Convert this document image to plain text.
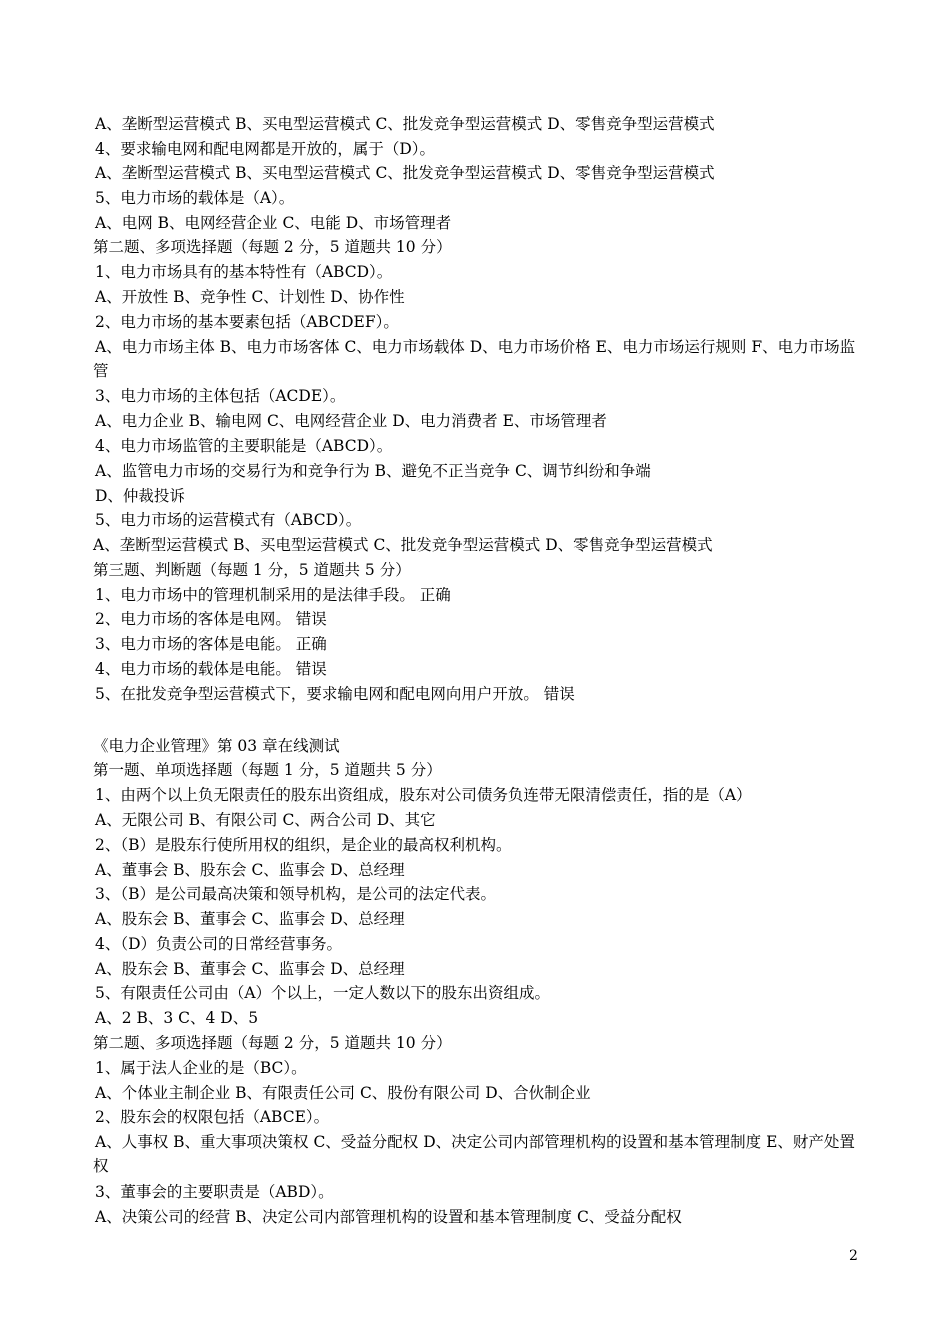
A、垄断型运营模式 B、买电型运营模式 C、批发竞争型运营模式 D、零售竞争型运营模式
4、要求输电网和配电网都是开放的，属于（D）。
A、垄断型运营模式 B、买电型运营模式 C、批发竞争型运营模式 D、零售竞争型运营模式
5、电力市场的载体是（A）。
A、电网 B、电网经营企业 C、电能 D、市场管理者
第二题、多项选择题（每题 2 分，5 道题共 10 分）
1、电力市场具有的基本特性有（ABCD）。
A、开放性 B、竞争性 C、计划性 D、协作性
2、电力市场的基本要素包括（ABCDEF）。
A、电力市场主体 B、电力市场客体 C、电力市场载体 D、电力市场价格 E、电力市场运行规则 F、电力市场监管
3、电力市场的主体包括（ACDE）。
A、电力企业 B、输电网 C、电网经营企业 D、电力消费者 E、市场管理者
4、电力市场监管的主要职能是（ABCD）。
A、监管电力市场的交易行为和竞争行为 B、避免不正当竞争 C、调节纠纷和争端
D、仲裁投诉
5、电力市场的运营模式有（ABCD）。
A、垄断型运营模式 B、买电型运营模式 C、批发竞争型运营模式 D、零售竞争型运营模式
第三题、判断题（每题 1 分，5 道题共 5 分）
1、电力市场中的管理机制采用的是法律手段。 正确
2、电力市场的客体是电网。 错误
3、电力市场的客体是电能。 正确
4、电力市场的载体是电能。 错误
5、在批发竞争型运营模式下，要求输电网和配电网向用户开放。 错误
《电力企业管理》第 03 章在线测试
第一题、单项选择题（每题 1 分，5 道题共 5 分）
1、由两个以上负无限责任的股东出资组成，股东对公司债务负连带无限清偿责任，指的是（A）
A、无限公司 B、有限公司 C、两合公司 D、其它
2、（B）是股东行使所用权的组织，是企业的最高权利机构。
A、董事会 B、股东会 C、监事会 D、总经理
3、（B）是公司最高决策和领导机构，是公司的法定代表。
A、股东会 B、董事会 C、监事会 D、总经理
4、（D）负责公司的日常经营事务。
A、股东会 B、董事会 C、监事会 D、总经理
5、有限责任公司由（A）个以上，一定人数以下的股东出资组成。
A、2 B、3 C、4 D、5
第二题、多项选择题（每题 2 分，5 道题共 10 分）
1、属于法人企业的是（BC）。
A、个体业主制企业 B、有限责任公司 C、股份有限公司 D、合伙制企业
2、股东会的权限包括（ABCE）。
A、人事权 B、重大事项决策权 C、受益分配权 D、决定公司内部管理机构的设置和基本管理制度 E、财产处置权
3、董事会的主要职责是（ABD）。
A、决策公司的经营 B、决定公司内部管理机构的设置和基本管理制度 C、受益分配权
2
